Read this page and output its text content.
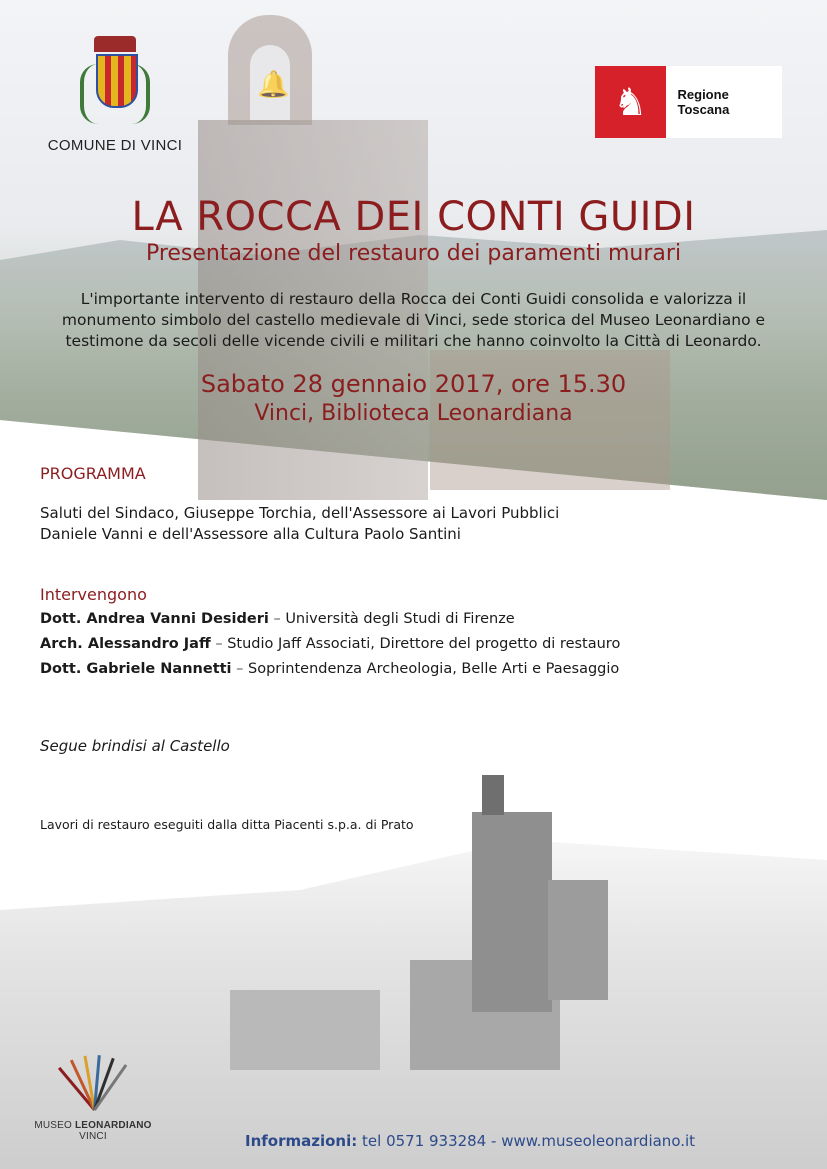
🔔
COMUNE DI VINCI
♞	Regione Toscana
LA ROCCA DEI CONTI GUIDI
Presentazione del restauro dei paramenti murari
L'importante intervento di restauro della Rocca dei Conti Guidi consolida e valorizza il
monumento simbolo del castello medievale di Vinci, sede storica del Museo Leonardiano e
testimone da secoli delle vicende civili e militari che hanno coinvolto la Città di Leonardo.
Sabato 28 gennaio 2017, ore 15.30
Vinci, Biblioteca Leonardiana
PROGRAMMA
Saluti del Sindaco, Giuseppe Torchia, dell'Assessore ai Lavori Pubblici
Daniele Vanni e dell'Assessore alla Cultura Paolo Santini
Intervengono
Dott. Andrea Vanni Desideri – Università degli Studi di Firenze
Arch. Alessandro Jaff – Studio Jaff Associati, Direttore del progetto di restauro
Dott. Gabriele Nannetti – Soprintendenza Archeologia, Belle Arti e Paesaggio
Segue brindisi al Castello
Lavori di restauro eseguiti dalla ditta Piacenti s.p.a. di Prato
MUSEO LEONARDIANO VINCI	Informazioni: tel 0571 933284 - www.museoleonardiano.it
